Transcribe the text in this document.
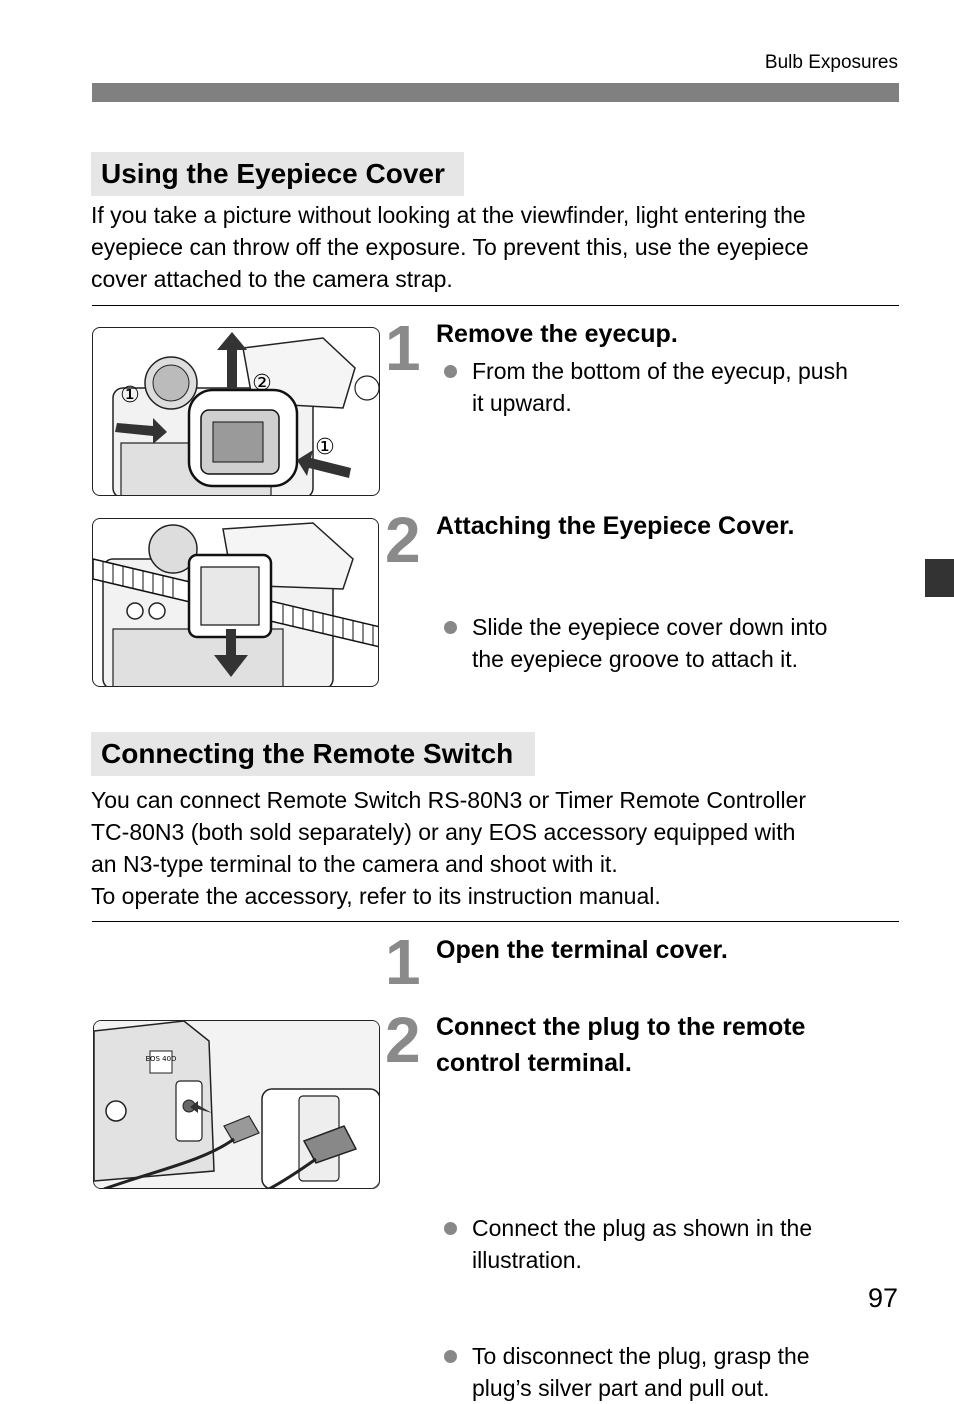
Bulb Exposures
Using the Eyepiece Cover
If you take a picture without looking at the viewfinder, light entering the
eyepiece can throw off the exposure. To prevent this, use the eyepiece
cover attached to the camera strap.
①	②
①
1 Remove the eyecup.
From the bottom of the eyecup, push
it upward.
2 Attaching the Eyepiece Cover.
Slide the eyepiece cover down into
the eyepiece groove to attach it.
Connecting the Remote Switch
You can connect Remote Switch RS-80N3 or Timer Remote Controller
TC-80N3 (both sold separately) or any EOS accessory equipped with
an N3-type terminal to the camera and shoot with it.
To operate the accessory, refer to its instruction manual.
1 Open the terminal cover.
EOS 40D	2 Connect the plug to the remote
control terminal.
Connect the plug as shown in the
illustration.
To disconnect the plug, grasp the
plug’s silver part and pull out.
97
